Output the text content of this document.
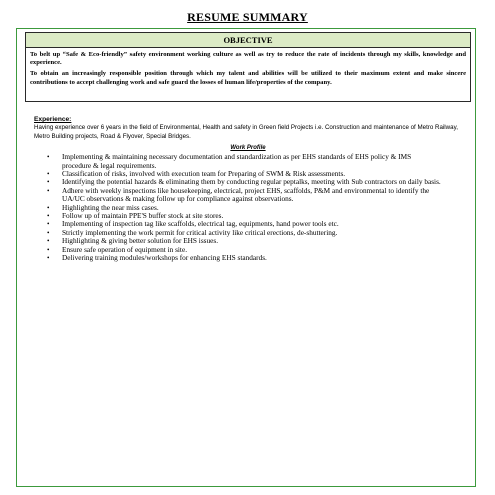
RESUME SUMMARY
OBJECTIVE

To belt up “Safe & Eco-friendly” safety environment working culture as well as try to reduce the rate of incidents through my skills, knowledge and experience.

To obtain an increasingly responsible position through which my talent and abilities will be utilized to their maximum extent and make sincere contributions to accept challenging work and safe guard the losses of human life/properties of the company.

Experience:

Having experience over 6 years in the field of Environmental, Health and safety in Green field Projects i.e. Construction and maintenance of Metro Railway, Metro Building projects, Road & Flyover, Special Bridges.

Work Profile
• Implementing & maintaining necessary documentation and standardization as per EHS standards of EHS policy & IMS procedure & legal requirements.
• Classification of risks, involved with execution team for Preparing of SWM & Risk assessments.
• Identifying the potential hazards & eliminating them by conducting regular peptalks, meeting with Sub contractors on daily basis.
• Adhere with weekly inspections like housekeeping, electrical, project EHS, scaffolds, P&M and environmental to identify the UA/UC observations & making follow up for compliance against observations.
• Highlighting the near miss cases.
• Follow up of maintain PPE'S buffer stock at site stores.
• Implementing of inspection tag like scaffolds, electrical tag, equipments, hand power tools etc.
• Strictly implementing the work permit for critical activity like critical erections, de-shuttering.
• Highlighting & giving better solution for EHS issues.
• Ensure safe operation of equipment in site.
• Delivering training modules/workshops for enhancing EHS standards.
